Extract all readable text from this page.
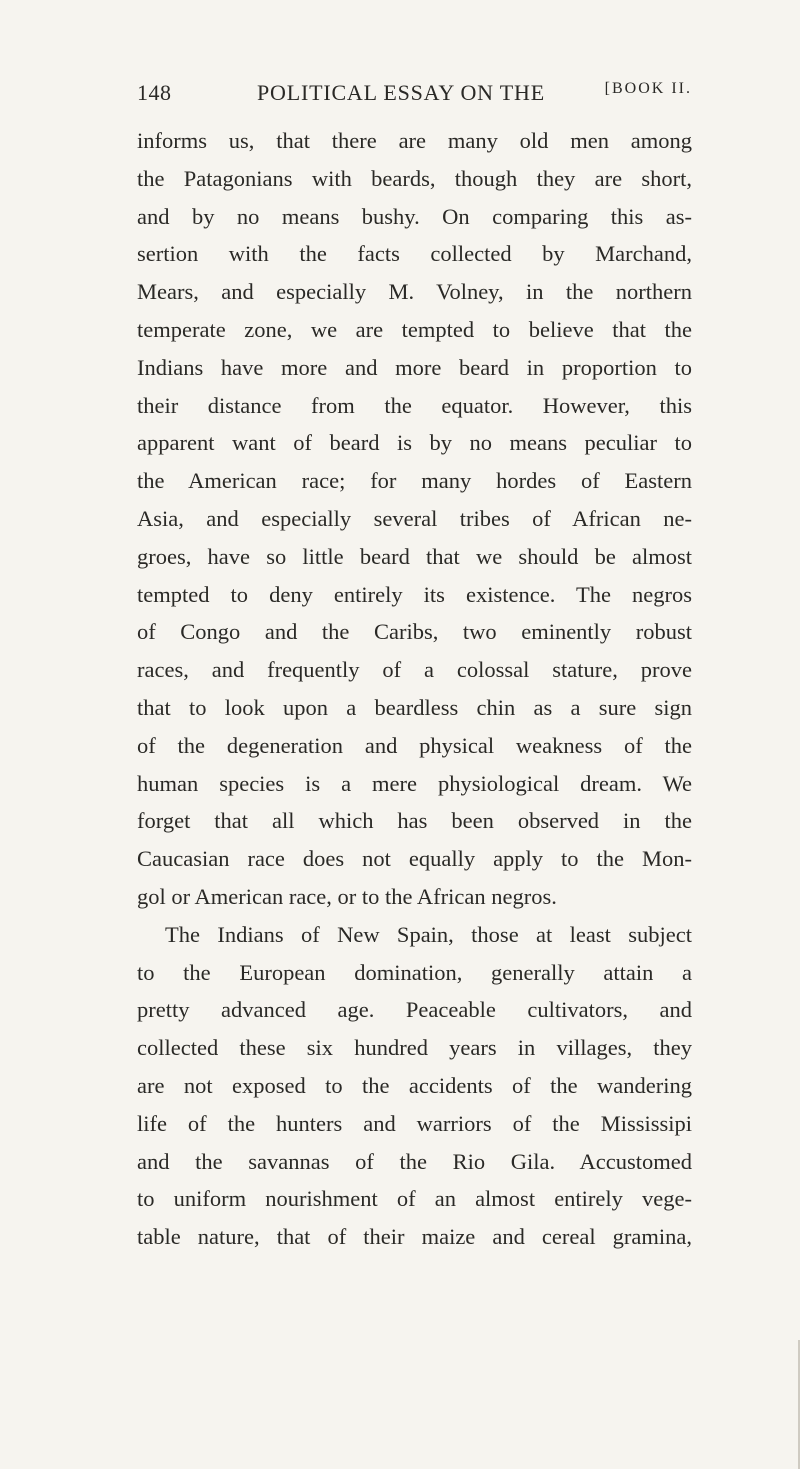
148	POLITICAL ESSAY ON THE	[BOOK II.
informs us, that there are many old men among
the Patagonians with beards, though they are short,
and by no means bushy. On comparing this as-
sertion with the facts collected by Marchand,
Mears, and especially M. Volney, in the northern
temperate zone, we are tempted to believe that the
Indians have more and more beard in proportion to
their distance from the equator. However, this
apparent want of beard is by no means peculiar to
the American race; for many hordes of Eastern
Asia, and especially several tribes of African ne-
groes, have so little beard that we should be almost
tempted to deny entirely its existence. The negros
of Congo and the Caribs, two eminently robust
races, and frequently of a colossal stature, prove
that to look upon a beardless chin as a sure sign
of the degeneration and physical weakness of the
human species is a mere physiological dream. We
forget that all which has been observed in the
Caucasian race does not equally apply to the Mon-
gol or American race, or to the African negros.
The Indians of New Spain, those at least subject
to the European domination, generally attain a
pretty advanced age. Peaceable cultivators, and
collected these six hundred years in villages, they
are not exposed to the accidents of the wandering
life of the hunters and warriors of the Mississipi
and the savannas of the Rio Gila. Accustomed
to uniform nourishment of an almost entirely vege-
table nature, that of their maize and cereal gramina,
